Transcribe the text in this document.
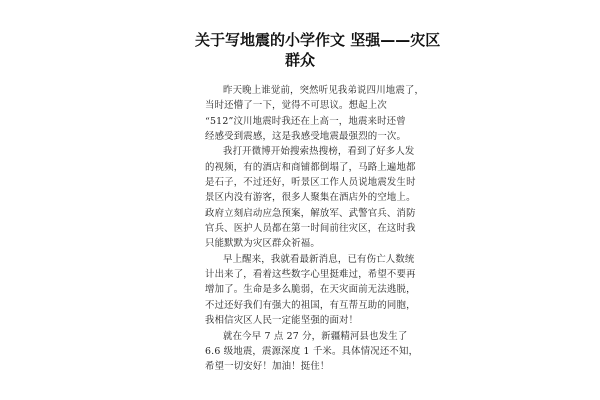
关于写地震的小学作文 坚强——灾区
群众
昨天晚上谁觉前，突然听见我弟说四川地震了，
当时还懵了一下，觉得不可思议。想起上次
“512”汶川地震时我还在上高一，地震来时还曾
经感受到震感，这是我感受地震最强烈的一次。
我打开微博开始搜索热搜榜，看到了好多人发
的视频，有的酒店和商铺都倒塌了，马路上遍地都
是石子，不过还好，听景区工作人员说地震发生时
景区内没有游客，很多人聚集在酒店外的空地上。
政府立刻启动应急预案，解放军、武警官兵、消防
官兵、医护人员都在第一时间前往灾区，在这时我
只能默默为灾区群众祈福。
早上醒来，我就看最新消息，已有伤亡人数统
计出来了，看着这些数字心里挺难过，希望不要再
增加了。生命是多么脆弱，在天灾面前无法逃脱，
不过还好我们有强大的祖国，有互帮互助的同胞，
我相信灾区人民一定能坚强的面对！
就在今早 7 点 27 分，新疆精河县也发生了
6.6 级地震，震源深度 1 千米。具体情况还不知，
希望一切安好！加油！挺住！
